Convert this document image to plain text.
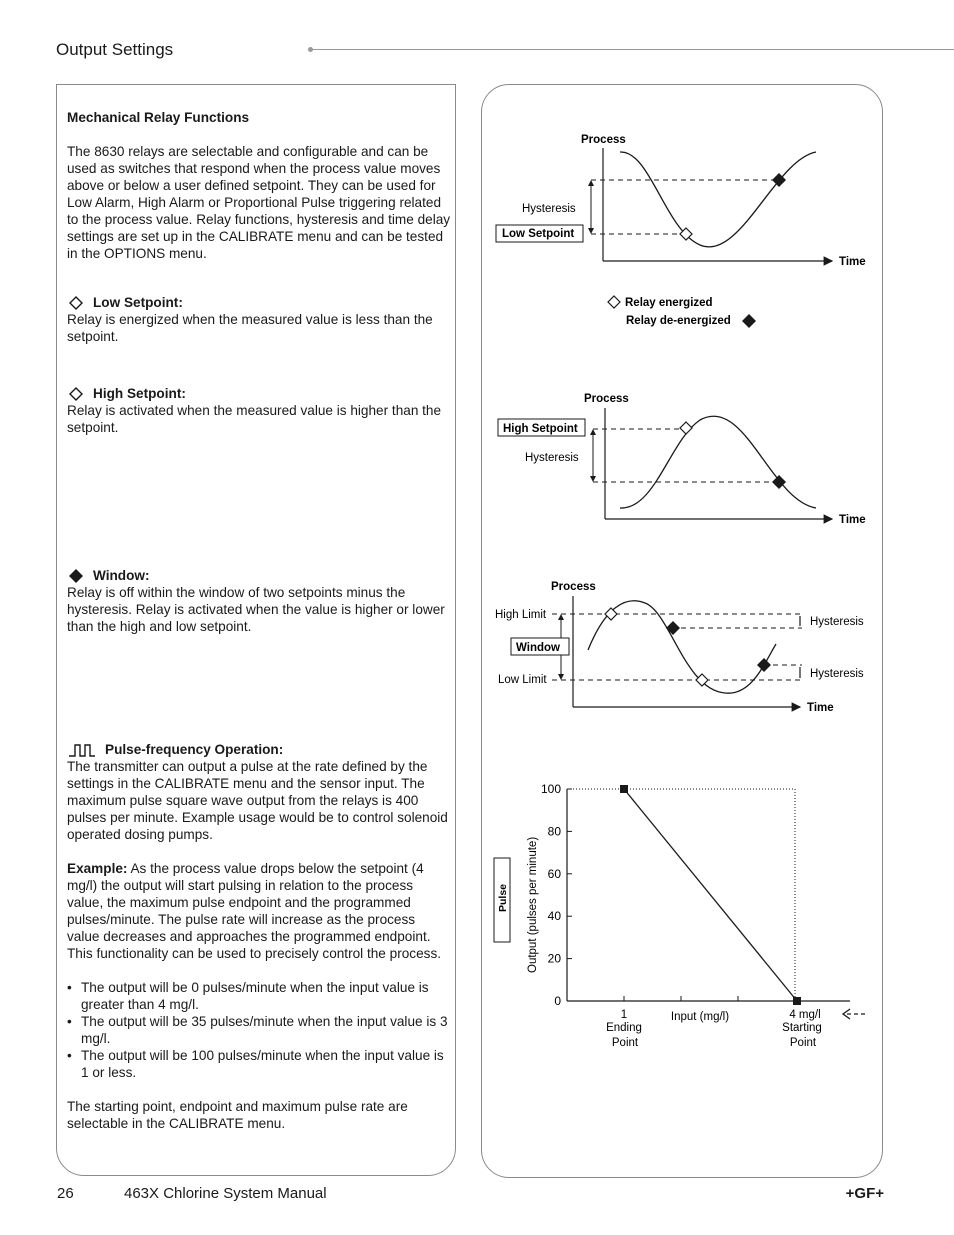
Output Settings

Mechanical Relay Functions

The 8630 relays are selectable and configurable and can be used as switches that respond when the process value moves above or below a user defined setpoint. They can be used for Low Alarm, High Alarm or Proportional Pulse triggering related to the process value. Relay functions, hysteresis and time delay settings are set up in the CALIBRATE menu and can be tested in the OPTIONS menu.

Low Setpoint:

Relay is energized when the measured value is less than the setpoint.

High Setpoint:

Relay is activated when the measured value is higher than the setpoint.

Window:

Relay is off within the window of two setpoints minus the hysteresis. Relay is activated when the value is higher or lower than the high and low setpoint.

Pulse-frequency Operation:

The transmitter can output a pulse at the rate defined by the settings in the CALIBRATE menu and the sensor input. The maximum pulse square wave output from the relays is 400 pulses per minute. Example usage would be to control solenoid operated dosing pumps.

Example: As the process value drops below the setpoint (4 mg/l) the output will start pulsing in relation to the process value, the maximum pulse endpoint and the programmed pulses/minute. The pulse rate will increase as the process value decreases and approaches the programmed endpoint. This functionality can be used to precisely control the process.

• The output will be 0 pulses/minute when the input value is greater than 4 mg/l.
• The output will be 35 pulses/minute when the input value is 3 mg/l.
• The output will be 100 pulses/minute when the input value is 1 or less.

The starting point, endpoint and maximum pulse rate are selectable in the CALIBRATE menu.

Process
Time
Hysteresis
Low Setpoint
Relay energized
Relay de-energized
Process
Time
Hysteresis
High Setpoint
Process
Time
High Limit
Low Limit
Window
Hysteresis
Hysteresis
Pulse Output (pulses per minute)
100
80
60
40
20
0
1
Ending
Point
Input (mg/l)	4 mg/l
Starting
Point
26	463X Chlorine System Manual	+GF+
